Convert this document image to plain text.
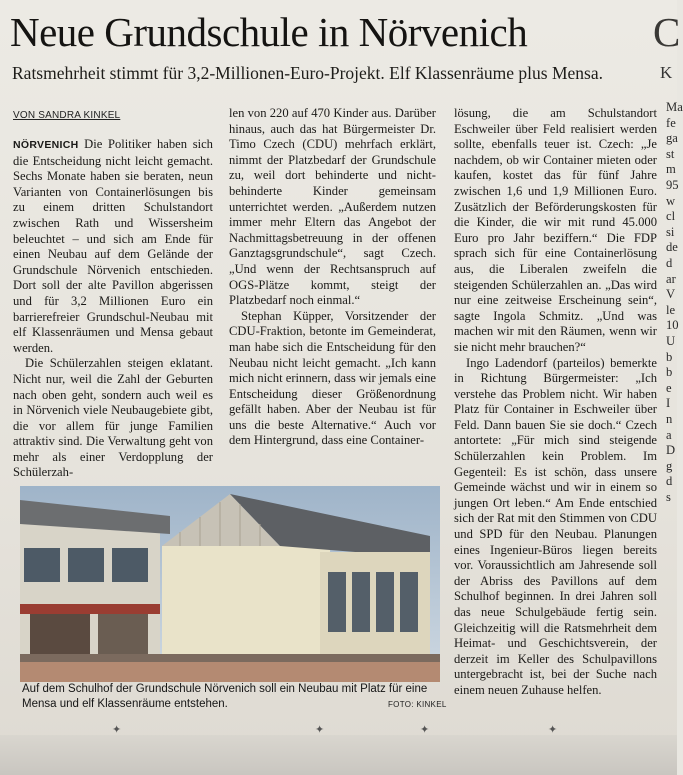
Neue Grundschule in Nörvenich	C
Ratsmehrheit stimmt für 3,2-Millionen-Euro-Projekt. Elf Klassenräume plus Mensa.	K
VON SANDRA KINKEL

NÖRVENICH Die Politiker haben sich die Entscheidung nicht leicht gemacht. Sechs Monate haben sie beraten, neun Varianten von Containerlösungen bis zu einem dritten Schulstandort zwischen Rath und Wissersheim beleuchtet – und sich am Ende für einen Neubau auf dem Gelände der Grundschule Nörvenich entschieden. Dort soll der alte Pavillon abgerissen und für 3,2 Millionen Euro ein barrierefreier Grundschul-Neubau mit elf Klassenräumen und Mensa gebaut werden.

Die Schülerzahlen steigen eklatant. Nicht nur, weil die Zahl der Geburten nach oben geht, sondern auch weil es in Nörvenich viele Neubaugebiete gibt, die vor allem für junge Familien attraktiv sind. Die Verwaltung geht von mehr als einer Verdopplung der Schülerzah-

len von 220 auf 470 Kinder aus. Darüber hinaus, auch das hat Bürgermeister Dr. Timo Czech (CDU) mehrfach erklärt, nimmt der Platzbedarf der Grundschule zu, weil dort behinderte und nicht-behinderte Kinder gemeinsam unterrichtet werden. „Außerdem nutzen immer mehr Eltern das Angebot der Nachmittagsbetreuung in der offenen Ganztagsgrundschule“, sagt Czech. „Und wenn der Rechtsanspruch auf OGS-Plätze kommt, steigt der Platzbedarf noch einmal.“

Stephan Küpper, Vorsitzender der CDU-Fraktion, betonte im Gemeinderat, man habe sich die Entscheidung für den Neubau nicht leicht gemacht. „Ich kann mich nicht erinnern, dass wir jemals eine Entscheidung dieser Größenordnung gefällt haben. Aber der Neubau ist für uns die beste Alternative.“ Auch vor dem Hintergrund, dass eine Container-

lösung, die am Schulstandort Eschweiler über Feld realisiert werden sollte, ebenfalls teuer ist. Czech: „Je nachdem, ob wir Container mieten oder kaufen, kostet das für fünf Jahre zwischen 1,6 und 1,9 Millionen Euro. Zusätzlich der Beförderungskosten für die Kinder, die wir mit rund 45.000 Euro pro Jahr beziffern.“ Die FDP sprach sich für eine Containerlösung aus, die Liberalen zweifeln die steigenden Schülerzahlen an. „Das wird nur eine zeitweise Erscheinung sein“, sagte Ingola Schmitz. „Und was machen wir mit den Räumen, wenn wir sie nicht mehr brauchen?“

Ingo Ladendorf (parteilos) bemerkte in Richtung Bürgermeister: „Ich verstehe das Problem nicht. Wir haben Platz für Container in Eschweiler über Feld. Dann bauen Sie sie doch.“ Czech antortete: „Für mich sind steigende Schülerzahlen kein Problem. Im Gegenteil: Es ist schön, dass unsere Gemeinde wächst und wir in einem so jungen Ort leben.“ Am Ende entschied sich der Rat mit den Stimmen von CDU und SPD für den Neubau. Planungen eines Ingenieur-Büros liegen bereits vor. Voraussichtlich am Jahresende soll der Abriss des Pavillons auf dem Schulhof beginnen. In drei Jahren soll das neue Schulgebäude fertig sein. Gleichzeitig will die Ratsmehrheit dem Heimat- und Geschichtsverein, der derzeit im Keller des Schulpavillons untergebracht ist, bei der Suche nach einem neuen Zuhause helfen.

Auf dem Schulhof der Grundschule Nörvenich soll ein Neubau mit Platz für eine Mensa und elf Klassenräume entstehen.	FOTO: KINKEL
Ma
fe
ga
st
m
95
w
cl
si
de
d
ar
V
le
10
U
b
b
e
I
n
a
D
g
d
s
✦	✦	✦	✦
